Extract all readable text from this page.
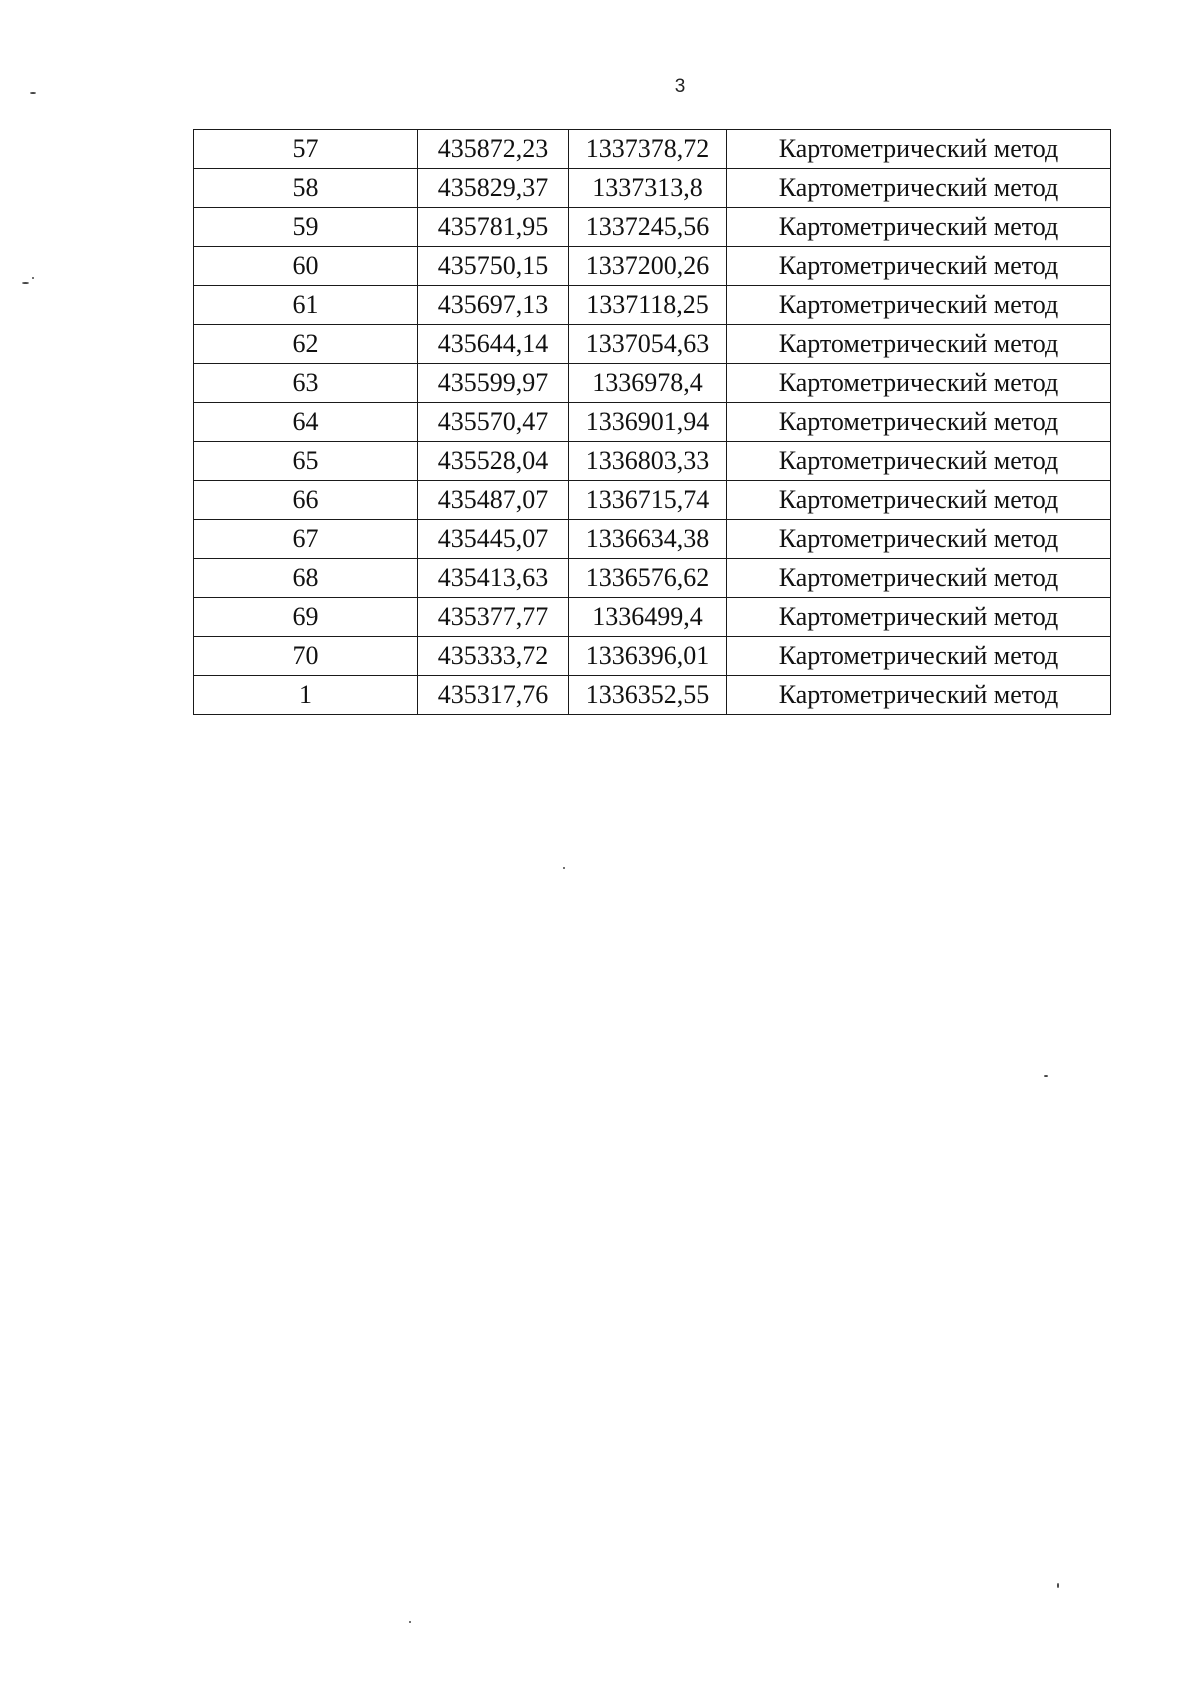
3
57	435872,23	1337378,72	Картометрический метод
58	435829,37	1337313,8	Картометрический метод
59	435781,95	1337245,56	Картометрический метод
60	435750,15	1337200,26	Картометрический метод
61	435697,13	1337118,25	Картометрический метод
62	435644,14	1337054,63	Картометрический метод
63	435599,97	1336978,4	Картометрический метод
64	435570,47	1336901,94	Картометрический метод
65	435528,04	1336803,33	Картометрический метод
66	435487,07	1336715,74	Картометрический метод
67	435445,07	1336634,38	Картометрический метод
68	435413,63	1336576,62	Картометрический метод
69	435377,77	1336499,4	Картометрический метод
70	435333,72	1336396,01	Картометрический метод
1	435317,76	1336352,55	Картометрический метод
